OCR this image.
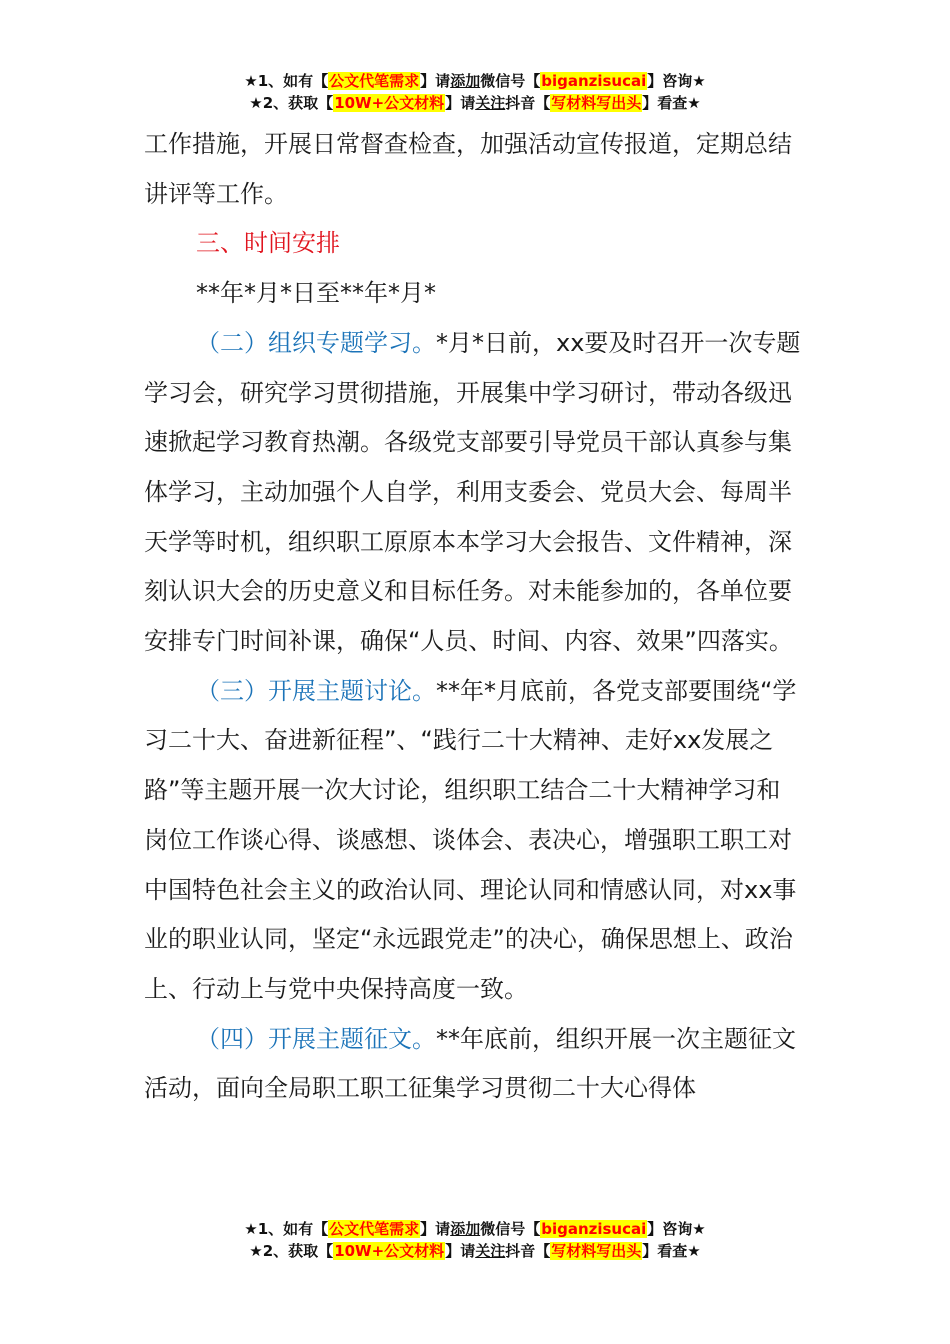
★1、如有【公文代笔需求】请添加微信号【biganzisucai】咨询★
★2、获取【10W+公文材料】请关注抖音【写材料写出头】看查★

工作措施，开展日常督查检查，加强活动宣传报道，定期总结讲评等工作。

三、时间安排

**年*月*日至**年*月*

（二）组织专题学习。*月*日前，xx要及时召开一次专题学习会，研究学习贯彻措施，开展集中学习研讨，带动各级迅速掀起学习教育热潮。各级党支部要引导党员干部认真参与集体学习，主动加强个人自学，利用支委会、党员大会、每周半天学等时机，组织职工原原本本学习大会报告、文件精神，深刻认识大会的历史意义和目标任务。对未能参加的，各单位要安排专门时间补课，确保“人员、时间、内容、效果”四落实。

（三）开展主题讨论。**年*月底前，各党支部要围绕“学习二十大、奋进新征程”、“践行二十大精神、走好xx发展之路”等主题开展一次大讨论，组织职工结合二十大精神学习和岗位工作谈心得、谈感想、谈体会、表决心，增强职工职工对中国特色社会主义的政治认同、理论认同和情感认同，对xx事业的职业认同，坚定“永远跟党走”的决心，确保思想上、政治上、行动上与党中央保持高度一致。

（四）开展主题征文。**年底前，组织开展一次主题征文活动，面向全局职工职工征集学习贯彻二十大心得体

★1、如有【公文代笔需求】请添加微信号【biganzisucai】咨询★
★2、获取【10W+公文材料】请关注抖音【写材料写出头】看查★
